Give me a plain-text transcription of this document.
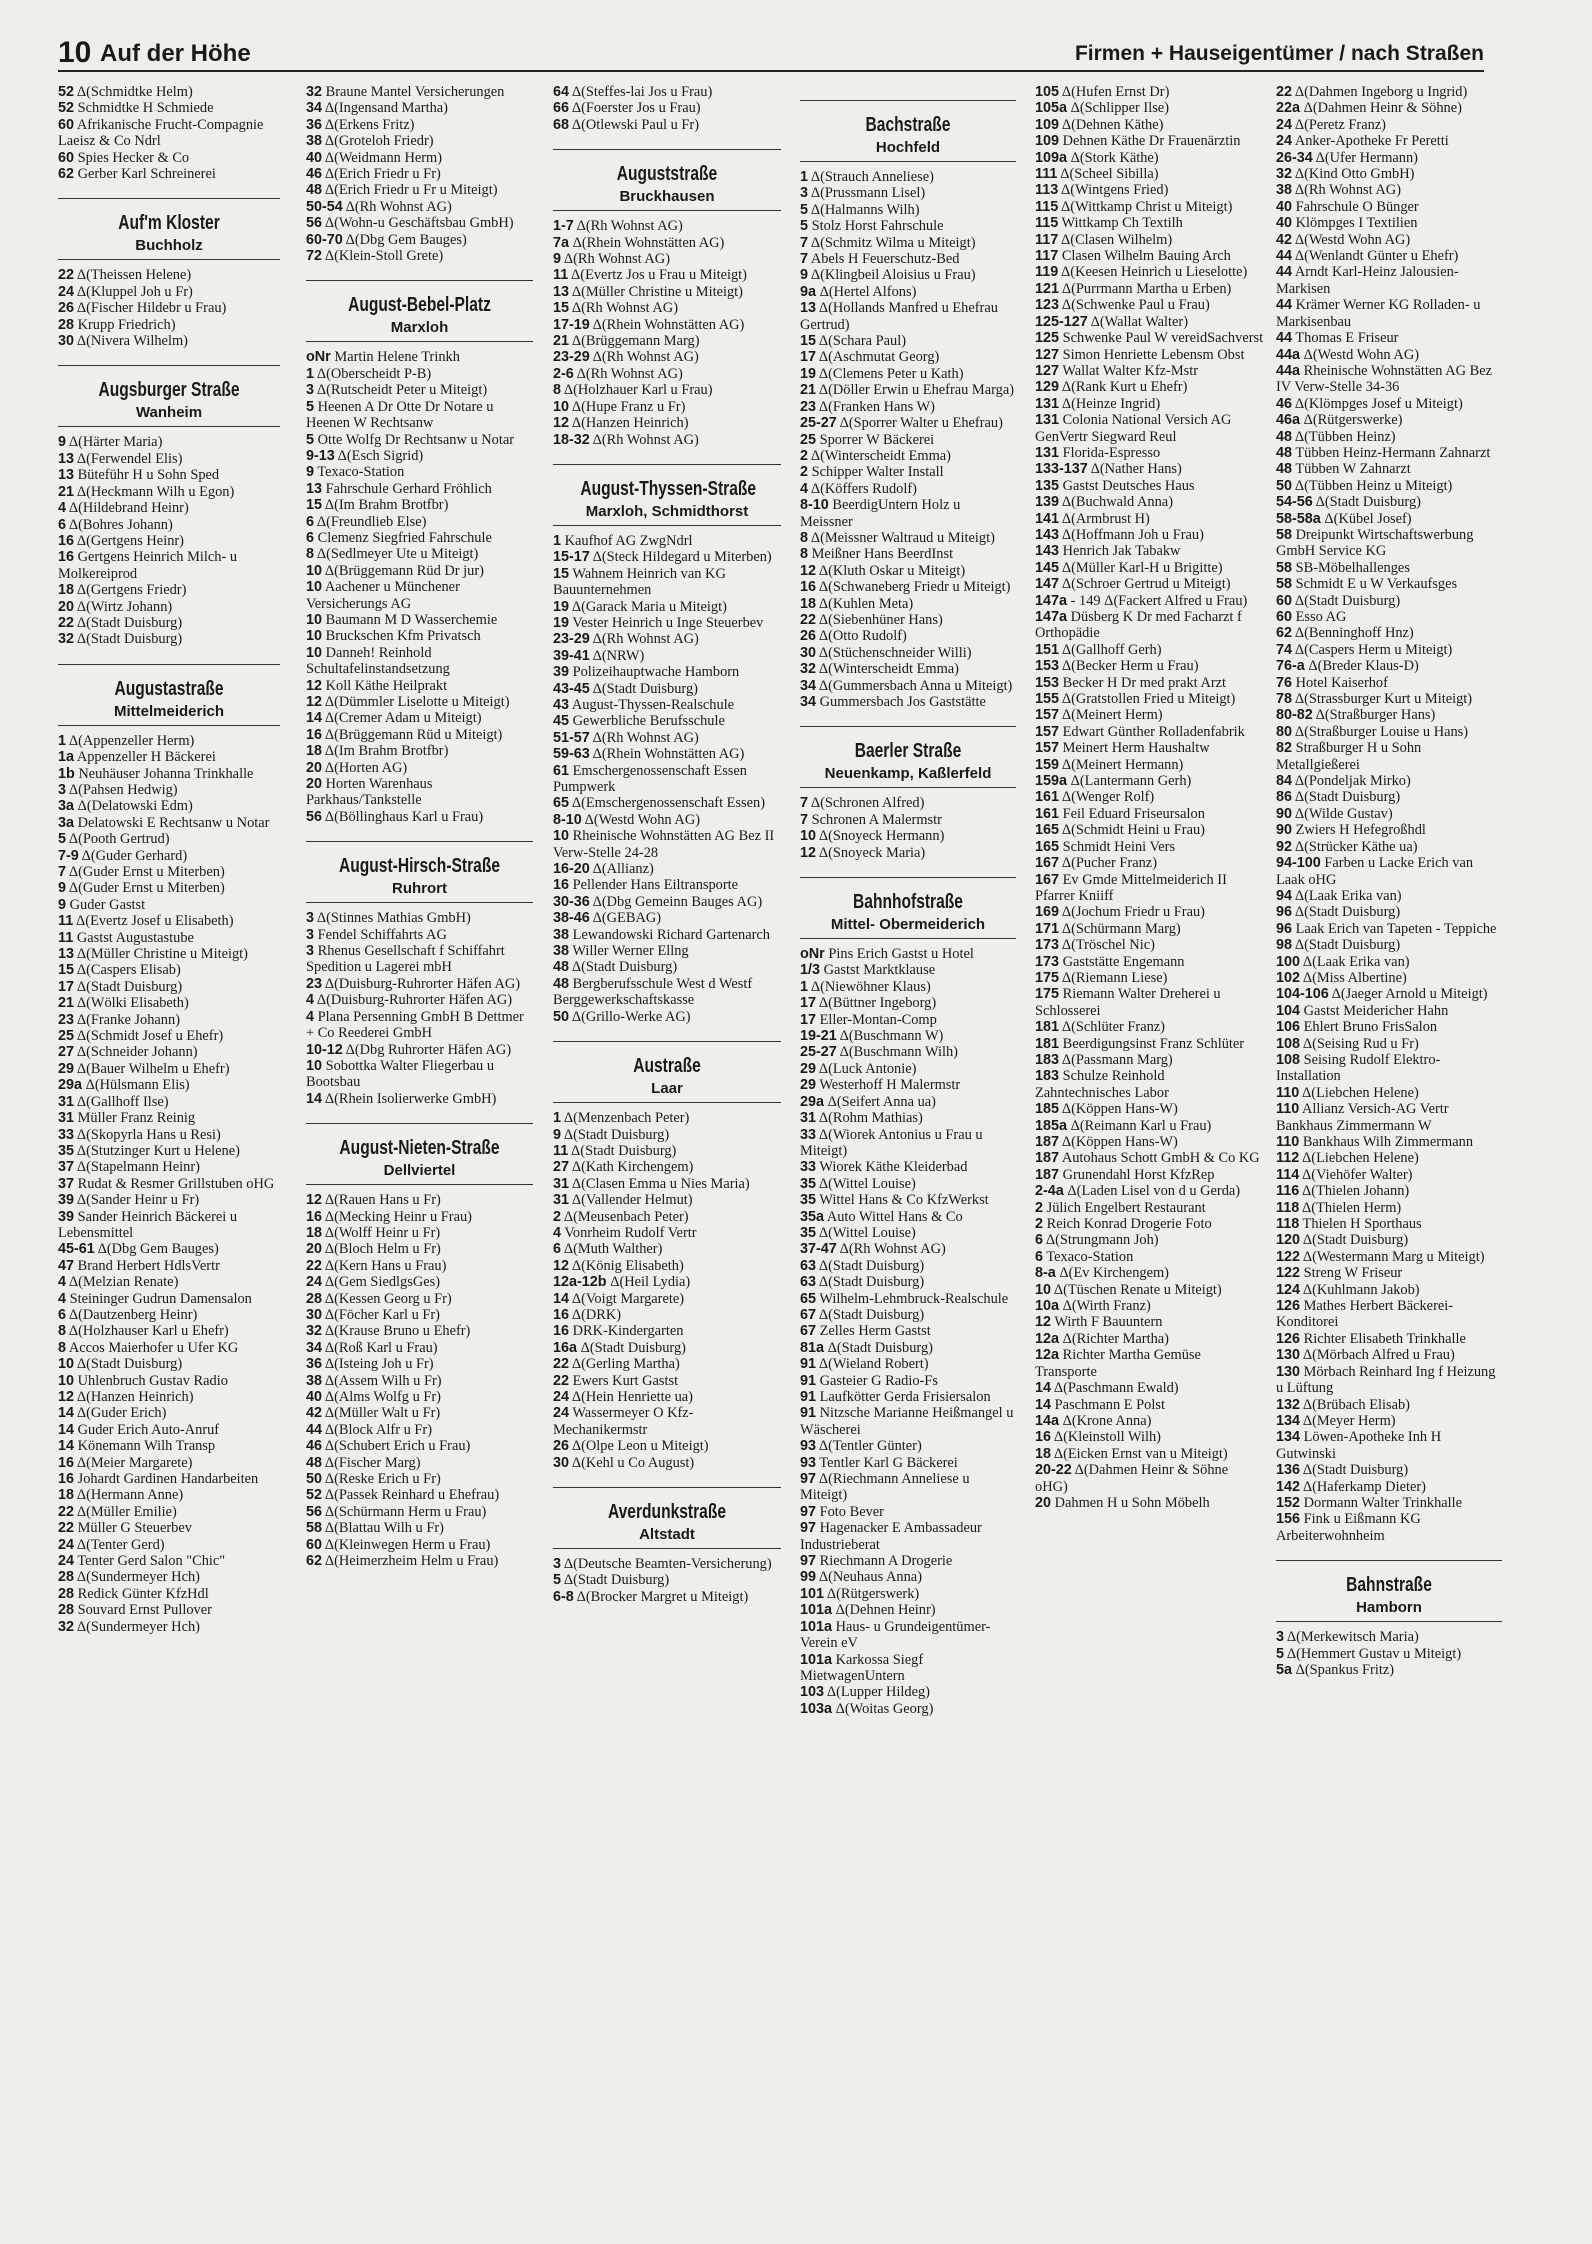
10 Auf der Höhe	Firmen + Hauseigentümer / nach Straßen
52 Δ(Schmidtke Helm)
52 Schmidtke H Schmiede
60 Afrikanische Frucht-Compagnie Laeisz & Co Ndrl
60 Spies Hecker & Co
62 Gerber Karl Schreinerei
Auf'm Kloster
Buchholz
22 Δ(Theissen Helene)
24 Δ(Kluppel Joh u Fr)
26 Δ(Fischer Hildebr u Frau)
28 Krupp Friedrich)
30 Δ(Nivera Wilhelm)
Augsburger Straße
Wanheim
9 Δ(Härter Maria)
13 Δ(Ferwendel Elis)
13 Büteführ H u Sohn Sped
21 Δ(Heckmann Wilh u Egon)
4 Δ(Hildebrand Heinr)
6 Δ(Bohres Johann)
16 Δ(Gertgens Heinr)
16 Gertgens Heinrich Milch- u Molkereiprod
18 Δ(Gertgens Friedr)
20 Δ(Wirtz Johann)
22 Δ(Stadt Duisburg)
32 Δ(Stadt Duisburg)
Augustastraße
Mittelmeiderich
1 Δ(Appenzeller Herm)
1a Appenzeller H Bäckerei
1b Neuhäuser Johanna Trinkhalle
3 Δ(Pahsen Hedwig)
3a Δ(Delatowski Edm)
3a Delatowski E Rechtsanw u Notar
5 Δ(Pooth Gertrud)
7-9 Δ(Guder Gerhard)
7 Δ(Guder Ernst u Miterben)
9 Δ(Guder Ernst u Miterben)
9 Guder Gastst
11 Δ(Evertz Josef u Elisabeth)
11 Gastst Augustastube
13 Δ(Müller Christine u Miteigt)
15 Δ(Caspers Elisab)
17 Δ(Stadt Duisburg)
21 Δ(Wölki Elisabeth)
23 Δ(Franke Johann)
25 Δ(Schmidt Josef u Ehefr)
27 Δ(Schneider Johann)
29 Δ(Bauer Wilhelm u Ehefr)
29a Δ(Hülsmann Elis)
31 Δ(Gallhoff Ilse)
31 Müller Franz Reinig
33 Δ(Skopyrla Hans u Resi)
35 Δ(Stutzinger Kurt u Helene)
37 Δ(Stapelmann Heinr)
37 Rudat & Resmer Grillstuben oHG
39 Δ(Sander Heinr u Fr)
39 Sander Heinrich Bäckerei u Lebensmittel
45-61 Δ(Dbg Gem Bauges)
47 Brand Herbert HdlsVertr
4 Δ(Melzian Renate)
4 Steininger Gudrun Damensalon
6 Δ(Dautzenberg Heinr)
8 Δ(Holzhauser Karl u Ehefr)
8 Accos Maierhofer u Ufer KG
10 Δ(Stadt Duisburg)
10 Uhlenbruch Gustav Radio
12 Δ(Hanzen Heinrich)
14 Δ(Guder Erich)
14 Guder Erich Auto-Anruf
14 Könemann Wilh Transp
16 Δ(Meier Margarete)
16 Johardt Gardinen Handarbeiten
18 Δ(Hermann Anne)
22 Δ(Müller Emilie)
22 Müller G Steuerbev
24 Δ(Tenter Gerd)
24 Tenter Gerd Salon "Chic"
28 Δ(Sundermeyer Hch)
28 Redick Günter KfzHdl
28 Souvard Ernst Pullover
32 Δ(Sundermeyer Hch)
32 Braune Mantel Versicherungen
34 Δ(Ingensand Martha)
36 Δ(Erkens Fritz)
38 Δ(Groteloh Friedr)
40 Δ(Weidmann Herm)
46 Δ(Erich Friedr u Fr)
48 Δ(Erich Friedr u Fr u Miteigt)
50-54 Δ(Rh Wohnst AG)
56 Δ(Wohn-u Geschäftsbau GmbH)
60-70 Δ(Dbg Gem Bauges)
72 Δ(Klein-Stoll Grete)
August-Bebel-Platz
Marxloh
oNr Martin Helene Trinkh
1 Δ(Oberscheidt P-B)
3 Δ(Rutscheidt Peter u Miteigt)
5 Heenen A Dr Otte Dr Notare u Heenen W Rechtsanw
5 Otte Wolfg Dr Rechtsanw u Notar
9-13 Δ(Esch Sigrid)
9 Texaco-Station
13 Fahrschule Gerhard Fröhlich
15 Δ(Im Brahm Brotfbr)
6 Δ(Freundlieb Else)
6 Clemenz Siegfried Fahrschule
8 Δ(Sedlmeyer Ute u Miteigt)
10 Δ(Brüggemann Rüd Dr jur)
10 Aachener u Münchener Versicherungs AG
10 Baumann M D Wasserchemie
10 Bruckschen Kfm Privatsch
10 Danneh! Reinhold Schultafelinstandsetzung
12 Koll Käthe Heilprakt
12 Δ(Dümmler Liselotte u Miteigt)
14 Δ(Cremer Adam u Miteigt)
16 Δ(Brüggemann Rüd u Miteigt)
18 Δ(Im Brahm Brotfbr)
20 Δ(Horten AG)
20 Horten Warenhaus Parkhaus/Tankstelle
56 Δ(Böllinghaus Karl u Frau)
August-Hirsch-Straße
Ruhrort
3 Δ(Stinnes Mathias GmbH)
3 Fendel Schiffahrts AG
3 Rhenus Gesellschaft f Schiffahrt Spedition u Lagerei mbH
23 Δ(Duisburg-Ruhrorter Häfen AG)
4 Δ(Duisburg-Ruhrorter Häfen AG)
4 Plana Persenning GmbH B Dettmer + Co Reederei GmbH
10-12 Δ(Dbg Ruhrorter Häfen AG)
10 Sobottka Walter Fliegerbau u Bootsbau
14 Δ(Rhein Isolierwerke GmbH)
August-Nieten-Straße
Dellviertel
12 Δ(Rauen Hans u Fr)
16 Δ(Mecking Heinr u Frau)
18 Δ(Wolff Heinr u Fr)
20 Δ(Bloch Helm u Fr)
22 Δ(Kern Hans u Frau)
24 Δ(Gem SiedlgsGes)
28 Δ(Kessen Georg u Fr)
30 Δ(Föcher Karl u Fr)
32 Δ(Krause Bruno u Ehefr)
34 Δ(Roß Karl u Frau)
36 Δ(Isteing Joh u Fr)
38 Δ(Assem Wilh u Fr)
40 Δ(Alms Wolfg u Fr)
42 Δ(Müller Walt u Fr)
44 Δ(Block Alfr u Fr)
46 Δ(Schubert Erich u Frau)
48 Δ(Fischer Marg)
50 Δ(Reske Erich u Fr)
52 Δ(Passek Reinhard u Ehefrau)
56 Δ(Schürmann Herm u Frau)
58 Δ(Blattau Wilh u Fr)
60 Δ(Kleinwegen Herm u Frau)
62 Δ(Heimerzheim Helm u Frau)
64 Δ(Steffes-lai Jos u Frau)
66 Δ(Foerster Jos u Frau)
68 Δ(Otlewski Paul u Fr)
Auguststraße
Bruckhausen
1-7 Δ(Rh Wohnst AG)
7a Δ(Rhein Wohnstätten AG)
9 Δ(Rh Wohnst AG)
11 Δ(Evertz Jos u Frau u Miteigt)
13 Δ(Müller Christine u Miteigt)
15 Δ(Rh Wohnst AG)
17-19 Δ(Rhein Wohnstätten AG)
21 Δ(Brüggemann Marg)
23-29 Δ(Rh Wohnst AG)
2-6 Δ(Rh Wohnst AG)
8 Δ(Holzhauer Karl u Frau)
10 Δ(Hupe Franz u Fr)
12 Δ(Hanzen Heinrich)
18-32 Δ(Rh Wohnst AG)
August-Thyssen-Straße
Marxloh, Schmidthorst
1 Kaufhof AG ZwgNdrl
15-17 Δ(Steck Hildegard u Miterben)
15 Wahnem Heinrich van KG Bauunternehmen
19 Δ(Garack Maria u Miteigt)
19 Vester Heinrich u Inge Steuerbev
23-29 Δ(Rh Wohnst AG)
39-41 Δ(NRW)
39 Polizeihauptwache Hamborn
43-45 Δ(Stadt Duisburg)
43 August-Thyssen-Realschule
45 Gewerbliche Berufsschule
51-57 Δ(Rh Wohnst AG)
59-63 Δ(Rhein Wohnstätten AG)
61 Emschergenossenschaft Essen Pumpwerk
65 Δ(Emschergenossenschaft Essen)
8-10 Δ(Westd Wohn AG)
10 Rheinische Wohnstätten AG Bez II Verw-Stelle 24-28
16-20 Δ(Allianz)
16 Pellender Hans Eiltransporte
30-36 Δ(Dbg Gemeinn Bauges AG)
38-46 Δ(GEBAG)
38 Lewandowski Richard Gartenarch
38 Willer Werner Ellng
48 Δ(Stadt Duisburg)
48 Bergberufsschule West d Westf Berggewerkschaftskasse
50 Δ(Grillo-Werke AG)
Austraße
Laar
1 Δ(Menzenbach Peter)
9 Δ(Stadt Duisburg)
11 Δ(Stadt Duisburg)
27 Δ(Kath Kirchengem)
31 Δ(Clasen Emma u Nies Maria)
31 Δ(Vallender Helmut)
2 Δ(Meusenbach Peter)
4 Vonrheim Rudolf Vertr
6 Δ(Muth Walther)
12 Δ(König Elisabeth)
12a-12b Δ(Heil Lydia)
14 Δ(Voigt Margarete)
16 Δ(DRK)
16 DRK-Kindergarten
16a Δ(Stadt Duisburg)
22 Δ(Gerling Martha)
22 Ewers Kurt Gastst
24 Δ(Hein Henriette ua)
24 Wassermeyer O Kfz-Mechanikermstr
26 Δ(Olpe Leon u Miteigt)
30 Δ(Kehl u Co August)
Averdunkstraße
Altstadt
3 Δ(Deutsche Beamten-Versicherung)
5 Δ(Stadt Duisburg)
6-8 Δ(Brocker Margret u Miteigt)
Bachstraße
Hochfeld
1 Δ(Strauch Anneliese)
3 Δ(Prussmann Lisel)
5 Δ(Halmanns Wilh)
5 Stolz Horst Fahrschule
7 Δ(Schmitz Wilma u Miteigt)
7 Abels H Feuerschutz-Bed
9 Δ(Klingbeil Aloisius u Frau)
9a Δ(Hertel Alfons)
13 Δ(Hollands Manfred u Ehefrau Gertrud)
15 Δ(Schara Paul)
17 Δ(Aschmutat Georg)
19 Δ(Clemens Peter u Kath)
21 Δ(Döller Erwin u Ehefrau Marga)
23 Δ(Franken Hans W)
25-27 Δ(Sporrer Walter u Ehefrau)
25 Sporrer W Bäckerei
2 Δ(Winterscheidt Emma)
2 Schipper Walter Install
4 Δ(Köffers Rudolf)
8-10 BeerdigUntern Holz u Meissner
8 Δ(Meissner Waltraud u Miteigt)
8 Meißner Hans BeerdInst
12 Δ(Kluth Oskar u Miteigt)
16 Δ(Schwaneberg Friedr u Miteigt)
18 Δ(Kuhlen Meta)
22 Δ(Siebenhüner Hans)
26 Δ(Otto Rudolf)
30 Δ(Stüchenschneider Willi)
32 Δ(Winterscheidt Emma)
34 Δ(Gummersbach Anna u Miteigt)
34 Gummersbach Jos Gaststätte
Baerler Straße
Neuenkamp, Kaßlerfeld
7 Δ(Schronen Alfred)
7 Schronen A Malermstr
10 Δ(Snoyeck Hermann)
12 Δ(Snoyeck Maria)
Bahnhofstraße
Mittel- Obermeiderich
oNr Pins Erich Gastst u Hotel
1/3 Gastst Marktklause
1 Δ(Niewöhner Klaus)
17 Δ(Büttner Ingeborg)
17 Eller-Montan-Comp
19-21 Δ(Buschmann W)
25-27 Δ(Buschmann Wilh)
29 Δ(Luck Antonie)
29 Westerhoff H Malermstr
29a Δ(Seifert Anna ua)
31 Δ(Rohm Mathias)
33 Δ(Wiorek Antonius u Frau u Miteigt)
33 Wiorek Käthe Kleiderbad
35 Δ(Wittel Louise)
35 Wittel Hans & Co KfzWerkst
35a Auto Wittel Hans & Co
35 Δ(Wittel Louise)
37-47 Δ(Rh Wohnst AG)
63 Δ(Stadt Duisburg)
63 Δ(Stadt Duisburg)
65 Wilhelm-Lehmbruck-Realschule
67 Δ(Stadt Duisburg)
67 Zelles Herm Gastst
81a Δ(Stadt Duisburg)
91 Δ(Wieland Robert)
91 Gasteier G Radio-Fs
91 Laufkötter Gerda Frisiersalon
91 Nitzsche Marianne Heißmangel u Wäscherei
93 Δ(Tentler Günter)
93 Tentler Karl G Bäckerei
97 Δ(Riechmann Anneliese u Miteigt)
97 Foto Bever
97 Hagenacker E Ambassadeur Industrieberat
97 Riechmann A Drogerie
99 Δ(Neuhaus Anna)
101 Δ(Rütgerswerk)
101a Δ(Dehnen Heinr)
101a Haus- u Grundeigentümer-Verein eV
101a Karkossa Siegf MietwagenUntern
103 Δ(Lupper Hildeg)
103a Δ(Woitas Georg)
105 Δ(Hufen Ernst Dr)
105a Δ(Schlipper Ilse)
109 Δ(Dehnen Käthe)
109 Dehnen Käthe Dr Frauenärztin
109a Δ(Stork Käthe)
111 Δ(Scheel Sibilla)
113 Δ(Wintgens Fried)
115 Δ(Wittkamp Christ u Miteigt)
115 Wittkamp Ch Textilh
117 Δ(Clasen Wilhelm)
117 Clasen Wilhelm Bauing Arch
119 Δ(Keesen Heinrich u Lieselotte)
121 Δ(Purrmann Martha u Erben)
123 Δ(Schwenke Paul u Frau)
125-127 Δ(Wallat Walter)
125 Schwenke Paul W vereidSachverst
127 Simon Henriette Lebensm Obst
127 Wallat Walter Kfz-Mstr
129 Δ(Rank Kurt u Ehefr)
131 Δ(Heinze Ingrid)
131 Colonia National Versich AG GenVertr Siegward Reul
131 Florida-Espresso
133-137 Δ(Nather Hans)
135 Gastst Deutsches Haus
139 Δ(Buchwald Anna)
141 Δ(Armbrust H)
143 Δ(Hoffmann Joh u Frau)
143 Henrich Jak Tabakw
145 Δ(Müller Karl-H u Brigitte)
147 Δ(Schroer Gertrud u Miteigt)
147a - 149 Δ(Fackert Alfred u Frau)
147a Düsberg K Dr med Facharzt f Orthopädie
151 Δ(Gallhoff Gerh)
153 Δ(Becker Herm u Frau)
153 Becker H Dr med prakt Arzt
155 Δ(Gratstollen Fried u Miteigt)
157 Δ(Meinert Herm)
157 Edwart Günther Rolladenfabrik
157 Meinert Herm Haushaltw
159 Δ(Meinert Hermann)
159a Δ(Lantermann Gerh)
161 Δ(Wenger Rolf)
161 Feil Eduard Friseursalon
165 Δ(Schmidt Heini u Frau)
165 Schmidt Heini Vers
167 Δ(Pucher Franz)
167 Ev Gmde Mittelmeiderich II Pfarrer Kniiff
169 Δ(Jochum Friedr u Frau)
171 Δ(Schürmann Marg)
173 Δ(Tröschel Nic)
173 Gaststätte Engemann
175 Δ(Riemann Liese)
175 Riemann Walter Dreherei u Schlosserei
181 Δ(Schlüter Franz)
181 Beerdigungsinst Franz Schlüter
183 Δ(Passmann Marg)
183 Schulze Reinhold Zahntechnisches Labor
185 Δ(Köppen Hans-W)
185a Δ(Reimann Karl u Frau)
187 Δ(Köppen Hans-W)
187 Autohaus Schott GmbH & Co KG
187 Grunendahl Horst KfzRep
2-4a Δ(Laden Lisel von d u Gerda)
2 Jülich Engelbert Restaurant
2 Reich Konrad Drogerie Foto
6 Δ(Strungmann Joh)
6 Texaco-Station
8-a Δ(Ev Kirchengem)
10 Δ(Tüschen Renate u Miteigt)
10a Δ(Wirth Franz)
12 Wirth F Bauuntern
12a Δ(Richter Martha)
12a Richter Martha Gemüse Transporte
14 Δ(Paschmann Ewald)
14 Paschmann E Polst
14a Δ(Krone Anna)
16 Δ(Kleinstoll Wilh)
18 Δ(Eicken Ernst van u Miteigt)
20-22 Δ(Dahmen Heinr & Söhne oHG)
20 Dahmen H u Sohn Möbelh
22 Δ(Dahmen Ingeborg u Ingrid)
22a Δ(Dahmen Heinr & Söhne)
24 Δ(Peretz Franz)
24 Anker-Apotheke Fr Peretti
26-34 Δ(Ufer Hermann)
32 Δ(Kind Otto GmbH)
38 Δ(Rh Wohnst AG)
40 Fahrschule O Bünger
40 Klömpges I Textilien
42 Δ(Westd Wohn AG)
44 Δ(Wenlandt Günter u Ehefr)
44 Arndt Karl-Heinz Jalousien-Markisen
44 Krämer Werner KG Rolladen- u Markisenbau
44 Thomas E Friseur
44a Δ(Westd Wohn AG)
44a Rheinische Wohnstätten AG Bez IV Verw-Stelle 34-36
46 Δ(Klömpges Josef u Miteigt)
46a Δ(Rütgerswerke)
48 Δ(Tübben Heinz)
48 Tübben Heinz-Hermann Zahnarzt
48 Tübben W Zahnarzt
50 Δ(Tübben Heinz u Miteigt)
54-56 Δ(Stadt Duisburg)
58-58a Δ(Kübel Josef)
58 Dreipunkt Wirtschaftswerbung GmbH Service KG
58 SB-Möbelhallenges
58 Schmidt E u W Verkaufsges
60 Δ(Stadt Duisburg)
60 Esso AG
62 Δ(Benninghoff Hnz)
74 Δ(Caspers Herm u Miteigt)
76-a Δ(Breder Klaus-D)
76 Hotel Kaiserhof
78 Δ(Strassburger Kurt u Miteigt)
80-82 Δ(Straßburger Hans)
80 Δ(Straßburger Louise u Hans)
82 Straßburger H u Sohn Metallgießerei
84 Δ(Pondeljak Mirko)
86 Δ(Stadt Duisburg)
90 Δ(Wilde Gustav)
90 Zwiers H Hefegroßhdl
92 Δ(Strücker Käthe ua)
94-100 Farben u Lacke Erich van Laak oHG
94 Δ(Laak Erika van)
96 Δ(Stadt Duisburg)
96 Laak Erich van Tapeten - Teppiche
98 Δ(Stadt Duisburg)
100 Δ(Laak Erika van)
102 Δ(Miss Albertine)
104-106 Δ(Jaeger Arnold u Miteigt)
104 Gastst Meidericher Hahn
106 Ehlert Bruno FrisSalon
108 Δ(Seising Rud u Fr)
108 Seising Rudolf Elektro-Installation
110 Δ(Liebchen Helene)
110 Allianz Versich-AG Vertr Bankhaus Zimmermann W
110 Bankhaus Wilh Zimmermann
112 Δ(Liebchen Helene)
114 Δ(Viehöfer Walter)
116 Δ(Thielen Johann)
118 Δ(Thielen Herm)
118 Thielen H Sporthaus
120 Δ(Stadt Duisburg)
122 Δ(Westermann Marg u Miteigt)
122 Streng W Friseur
124 Δ(Kuhlmann Jakob)
126 Mathes Herbert Bäckerei-Konditorei
126 Richter Elisabeth Trinkhalle
130 Δ(Mörbach Alfred u Frau)
130 Mörbach Reinhard Ing f Heizung u Lüftung
132 Δ(Brübach Elisab)
134 Δ(Meyer Herm)
134 Löwen-Apotheke Inh H Gutwinski
136 Δ(Stadt Duisburg)
142 Δ(Haferkamp Dieter)
152 Dormann Walter Trinkhalle
156 Fink u Eißmann KG Arbeiterwohnheim
Bahnstraße
Hamborn
3 Δ(Merkewitsch Maria)
5 Δ(Hemmert Gustav u Miteigt)
5a Δ(Spankus Fritz)
